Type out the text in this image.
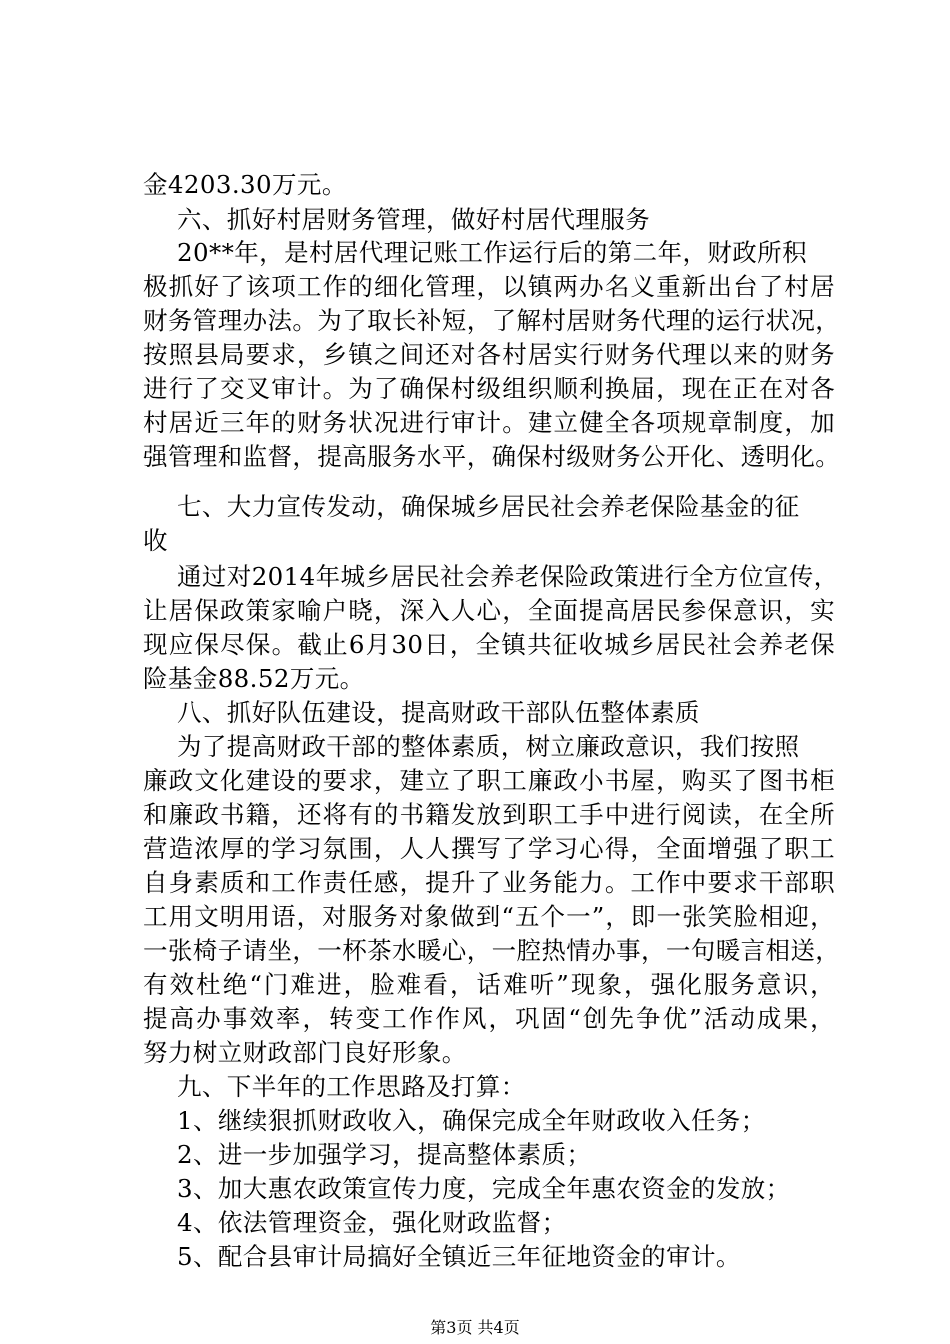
金4203.30万元。
六、抓好村居财务管理，做好村居代理服务
20**年，是村居代理记账工作运行后的第二年，财政所积
极抓好了该项工作的细化管理，以镇两办名义重新出台了村居
财务管理办法。为了取长补短，了解村居财务代理的运行状况，
按照县局要求，乡镇之间还对各村居实行财务代理以来的财务
进行了交叉审计。为了确保村级组织顺利换届，现在正在对各
村居近三年的财务状况进行审计。建立健全各项规章制度，加
强管理和监督，提高服务水平，确保村级财务公开化、透明化。
七、大力宣传发动，确保城乡居民社会养老保险基金的征
收
通过对2014年城乡居民社会养老保险政策进行全方位宣传，
让居保政策家喻户晓，深入人心，全面提高居民参保意识，实
现应保尽保。截止6月30日，全镇共征收城乡居民社会养老保
险基金88.52万元。
八、抓好队伍建设，提高财政干部队伍整体素质
为了提高财政干部的整体素质，树立廉政意识，我们按照
廉政文化建设的要求，建立了职工廉政小书屋，购买了图书柜
和廉政书籍，还将有的书籍发放到职工手中进行阅读，在全所
营造浓厚的学习氛围，人人撰写了学习心得，全面增强了职工
自身素质和工作责任感，提升了业务能力。工作中要求干部职
工用文明用语，对服务对象做到“五个一”，即一张笑脸相迎，
一张椅子请坐，一杯茶水暖心，一腔热情办事，一句暖言相送，
有效杜绝“门难进，脸难看，话难听”现象，强化服务意识，
提高办事效率，转变工作作风，巩固“创先争优”活动成果，
努力树立财政部门良好形象。
九、下半年的工作思路及打算：
1、继续狠抓财政收入，确保完成全年财政收入任务；
2、进一步加强学习，提高整体素质；
3、加大惠农政策宣传力度，完成全年惠农资金的发放；
4、依法管理资金，强化财政监督；
5、配合县审计局搞好全镇近三年征地资金的审计。
第3页 共4页
